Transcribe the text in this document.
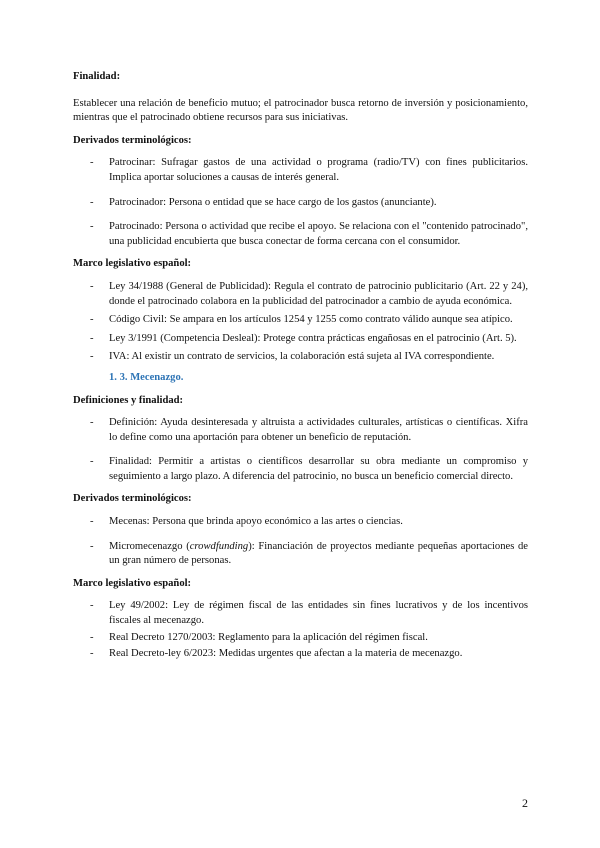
Finalidad:

Establecer una relación de beneficio mutuo; el patrocinador busca retorno de inversión y posicionamiento, mientras que el patrocinado obtiene recursos para sus iniciativas.

Derivados terminológicos:

- Patrocinar: Sufragar gastos de una actividad o programa (radio/TV) con fines publicitarios. Implica aportar soluciones a causas de interés general.
- Patrocinador: Persona o entidad que se hace cargo de los gastos (anunciante).
- Patrocinado: Persona o actividad que recibe el apoyo. Se relaciona con el "contenido patrocinado", una publicidad encubierta que busca conectar de forma cercana con el consumidor.

Marco legislativo español:

- Ley 34/1988 (General de Publicidad): Regula el contrato de patrocinio publicitario (Art. 22 y 24), donde el patrocinado colabora en la publicidad del patrocinador a cambio de ayuda económica.
- Código Civil: Se ampara en los artículos 1254 y 1255 como contrato válido aunque sea atípico.
- Ley 3/1991 (Competencia Desleal): Protege contra prácticas engañosas en el patrocinio (Art. 5).
- IVA: Al existir un contrato de servicios, la colaboración está sujeta al IVA correspondiente.

1. 3. Mecenazgo.

Definiciones y finalidad:

- Definición: Ayuda desinteresada y altruista a actividades culturales, artísticas o científicas. Xifra lo define como una aportación para obtener un beneficio de reputación.
- Finalidad: Permitir a artistas o científicos desarrollar su obra mediante un compromiso y seguimiento a largo plazo. A diferencia del patrocinio, no busca un beneficio comercial directo.

Derivados terminológicos:

- Mecenas: Persona que brinda apoyo económico a las artes o ciencias.
- Micromecenazgo (crowdfunding): Financiación de proyectos mediante pequeñas aportaciones de un gran número de personas.

Marco legislativo español:

- Ley 49/2002: Ley de régimen fiscal de las entidades sin fines lucrativos y de los incentivos fiscales al mecenazgo.
- Real Decreto 1270/2003: Reglamento para la aplicación del régimen fiscal.
- Real Decreto-ley 6/2023: Medidas urgentes que afectan a la materia de mecenazgo.
2
